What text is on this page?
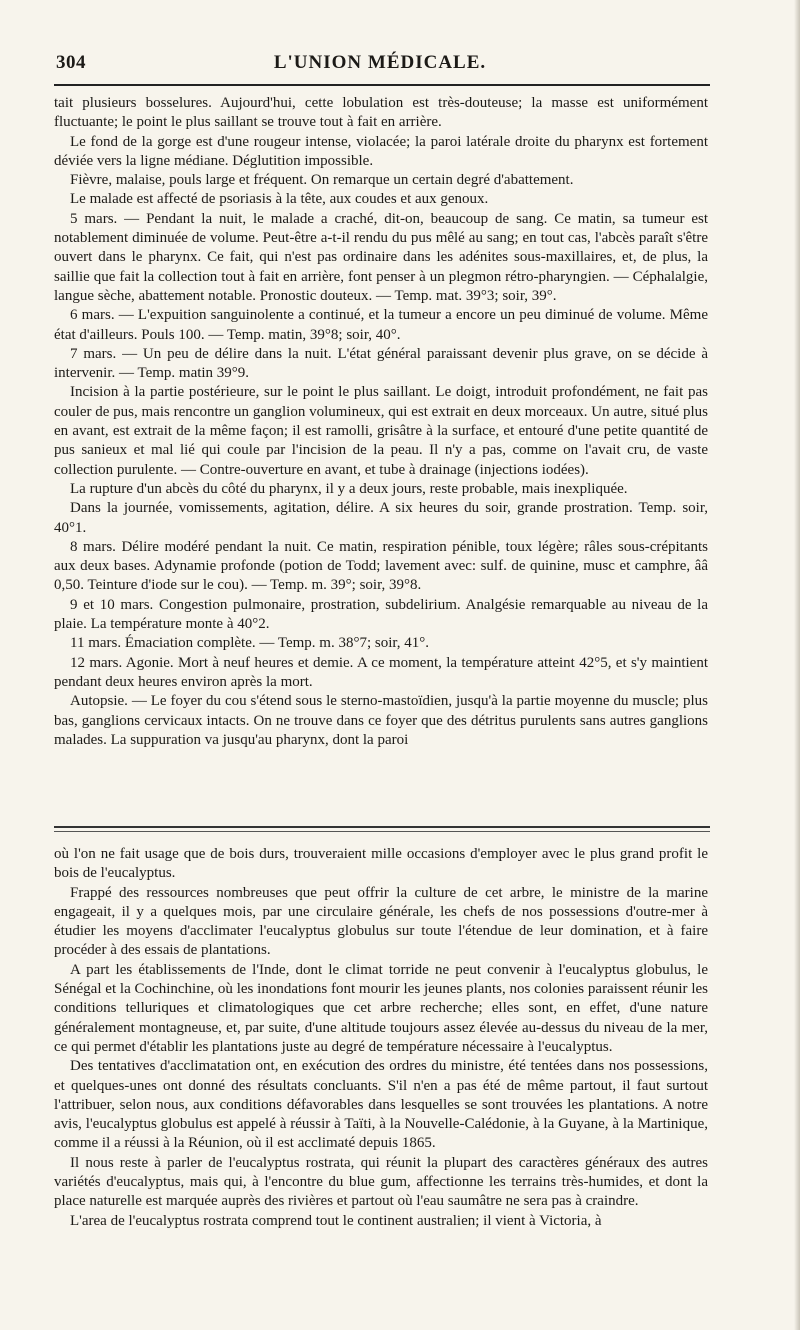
304	L'UNION MÉDICALE.

tait plusieurs bosselures. Aujourd'hui, cette lobulation est très-douteuse; la masse est uniformément fluctuante; le point le plus saillant se trouve tout à fait en arrière.

Le fond de la gorge est d'une rougeur intense, violacée; la paroi latérale droite du pharynx est fortement déviée vers la ligne médiane. Déglutition impossible.

Fièvre, malaise, pouls large et fréquent. On remarque un certain degré d'abattement.

Le malade est affecté de psoriasis à la tête, aux coudes et aux genoux.

5 mars. — Pendant la nuit, le malade a craché, dit-on, beaucoup de sang. Ce matin, sa tumeur est notablement diminuée de volume. Peut-être a-t-il rendu du pus mêlé au sang; en tout cas, l'abcès paraît s'être ouvert dans le pharynx. Ce fait, qui n'est pas ordinaire dans les adénites sous-maxillaires, et, de plus, la saillie que fait la collection tout à fait en arrière, font penser à un plegmon rétro-pharyngien. — Céphalalgie, langue sèche, abattement notable. Pronostic douteux. — Temp. mat. 39°3; soir, 39°.

6 mars. — L'expuition sanguinolente a continué, et la tumeur a encore un peu diminué de volume. Même état d'ailleurs. Pouls 100. — Temp. matin, 39°8; soir, 40°.

7 mars. — Un peu de délire dans la nuit. L'état général paraissant devenir plus grave, on se décide à intervenir. — Temp. matin 39°9.

Incision à la partie postérieure, sur le point le plus saillant. Le doigt, introduit profondément, ne fait pas couler de pus, mais rencontre un ganglion volumineux, qui est extrait en deux morceaux. Un autre, situé plus en avant, est extrait de la même façon; il est ramolli, grisâtre à la surface, et entouré d'une petite quantité de pus sanieux et mal lié qui coule par l'incision de la peau. Il n'y a pas, comme on l'avait cru, de vaste collection purulente. — Contre-ouverture en avant, et tube à drainage (injections iodées).

La rupture d'un abcès du côté du pharynx, il y a deux jours, reste probable, mais inexpliquée.

Dans la journée, vomissements, agitation, délire. A six heures du soir, grande prostration. Temp. soir, 40°1.

8 mars. Délire modéré pendant la nuit. Ce matin, respiration pénible, toux légère; râles sous-crépitants aux deux bases. Adynamie profonde (potion de Todd; lavement avec: sulf. de quinine, musc et camphre, ââ 0,50. Teinture d'iode sur le cou). — Temp. m. 39°; soir, 39°8.

9 et 10 mars. Congestion pulmonaire, prostration, subdelirium. Analgésie remarquable au niveau de la plaie. La température monte à 40°2.

11 mars. Émaciation complète. — Temp. m. 38°7; soir, 41°.

12 mars. Agonie. Mort à neuf heures et demie. A ce moment, la température atteint 42°5, et s'y maintient pendant deux heures environ après la mort.

Autopsie. — Le foyer du cou s'étend sous le sterno-mastoïdien, jusqu'à la partie moyenne du muscle; plus bas, ganglions cervicaux intacts. On ne trouve dans ce foyer que des détritus purulents sans autres ganglions malades. La suppuration va jusqu'au pharynx, dont la paroi

où l'on ne fait usage que de bois durs, trouveraient mille occasions d'employer avec le plus grand profit le bois de l'eucalyptus.

Frappé des ressources nombreuses que peut offrir la culture de cet arbre, le ministre de la marine engageait, il y a quelques mois, par une circulaire générale, les chefs de nos possessions d'outre-mer à étudier les moyens d'acclimater l'eucalyptus globulus sur toute l'étendue de leur domination, et à faire procéder à des essais de plantations.

A part les établissements de l'Inde, dont le climat torride ne peut convenir à l'eucalyptus globulus, le Sénégal et la Cochinchine, où les inondations font mourir les jeunes plants, nos colonies paraissent réunir les conditions telluriques et climatologiques que cet arbre recherche; elles sont, en effet, d'une nature généralement montagneuse, et, par suite, d'une altitude toujours assez élevée au-dessus du niveau de la mer, ce qui permet d'établir les plantations juste au degré de température nécessaire à l'eucalyptus.

Des tentatives d'acclimatation ont, en exécution des ordres du ministre, été tentées dans nos possessions, et quelques-unes ont donné des résultats concluants. S'il n'en a pas été de même partout, il faut surtout l'attribuer, selon nous, aux conditions défavorables dans lesquelles se sont trouvées les plantations. A notre avis, l'eucalyptus globulus est appelé à réussir à Taïti, à la Nouvelle-Calédonie, à la Guyane, à la Martinique, comme il a réussi à la Réunion, où il est acclimaté depuis 1865.

Il nous reste à parler de l'eucalyptus rostrata, qui réunit la plupart des caractères généraux des autres variétés d'eucalyptus, mais qui, à l'encontre du blue gum, affectionne les terrains très-humides, et dont la place naturelle est marquée auprès des rivières et partout où l'eau saumâtre ne sera pas à craindre.

L'area de l'eucalyptus rostrata comprend tout le continent australien; il vient à Victoria, à
